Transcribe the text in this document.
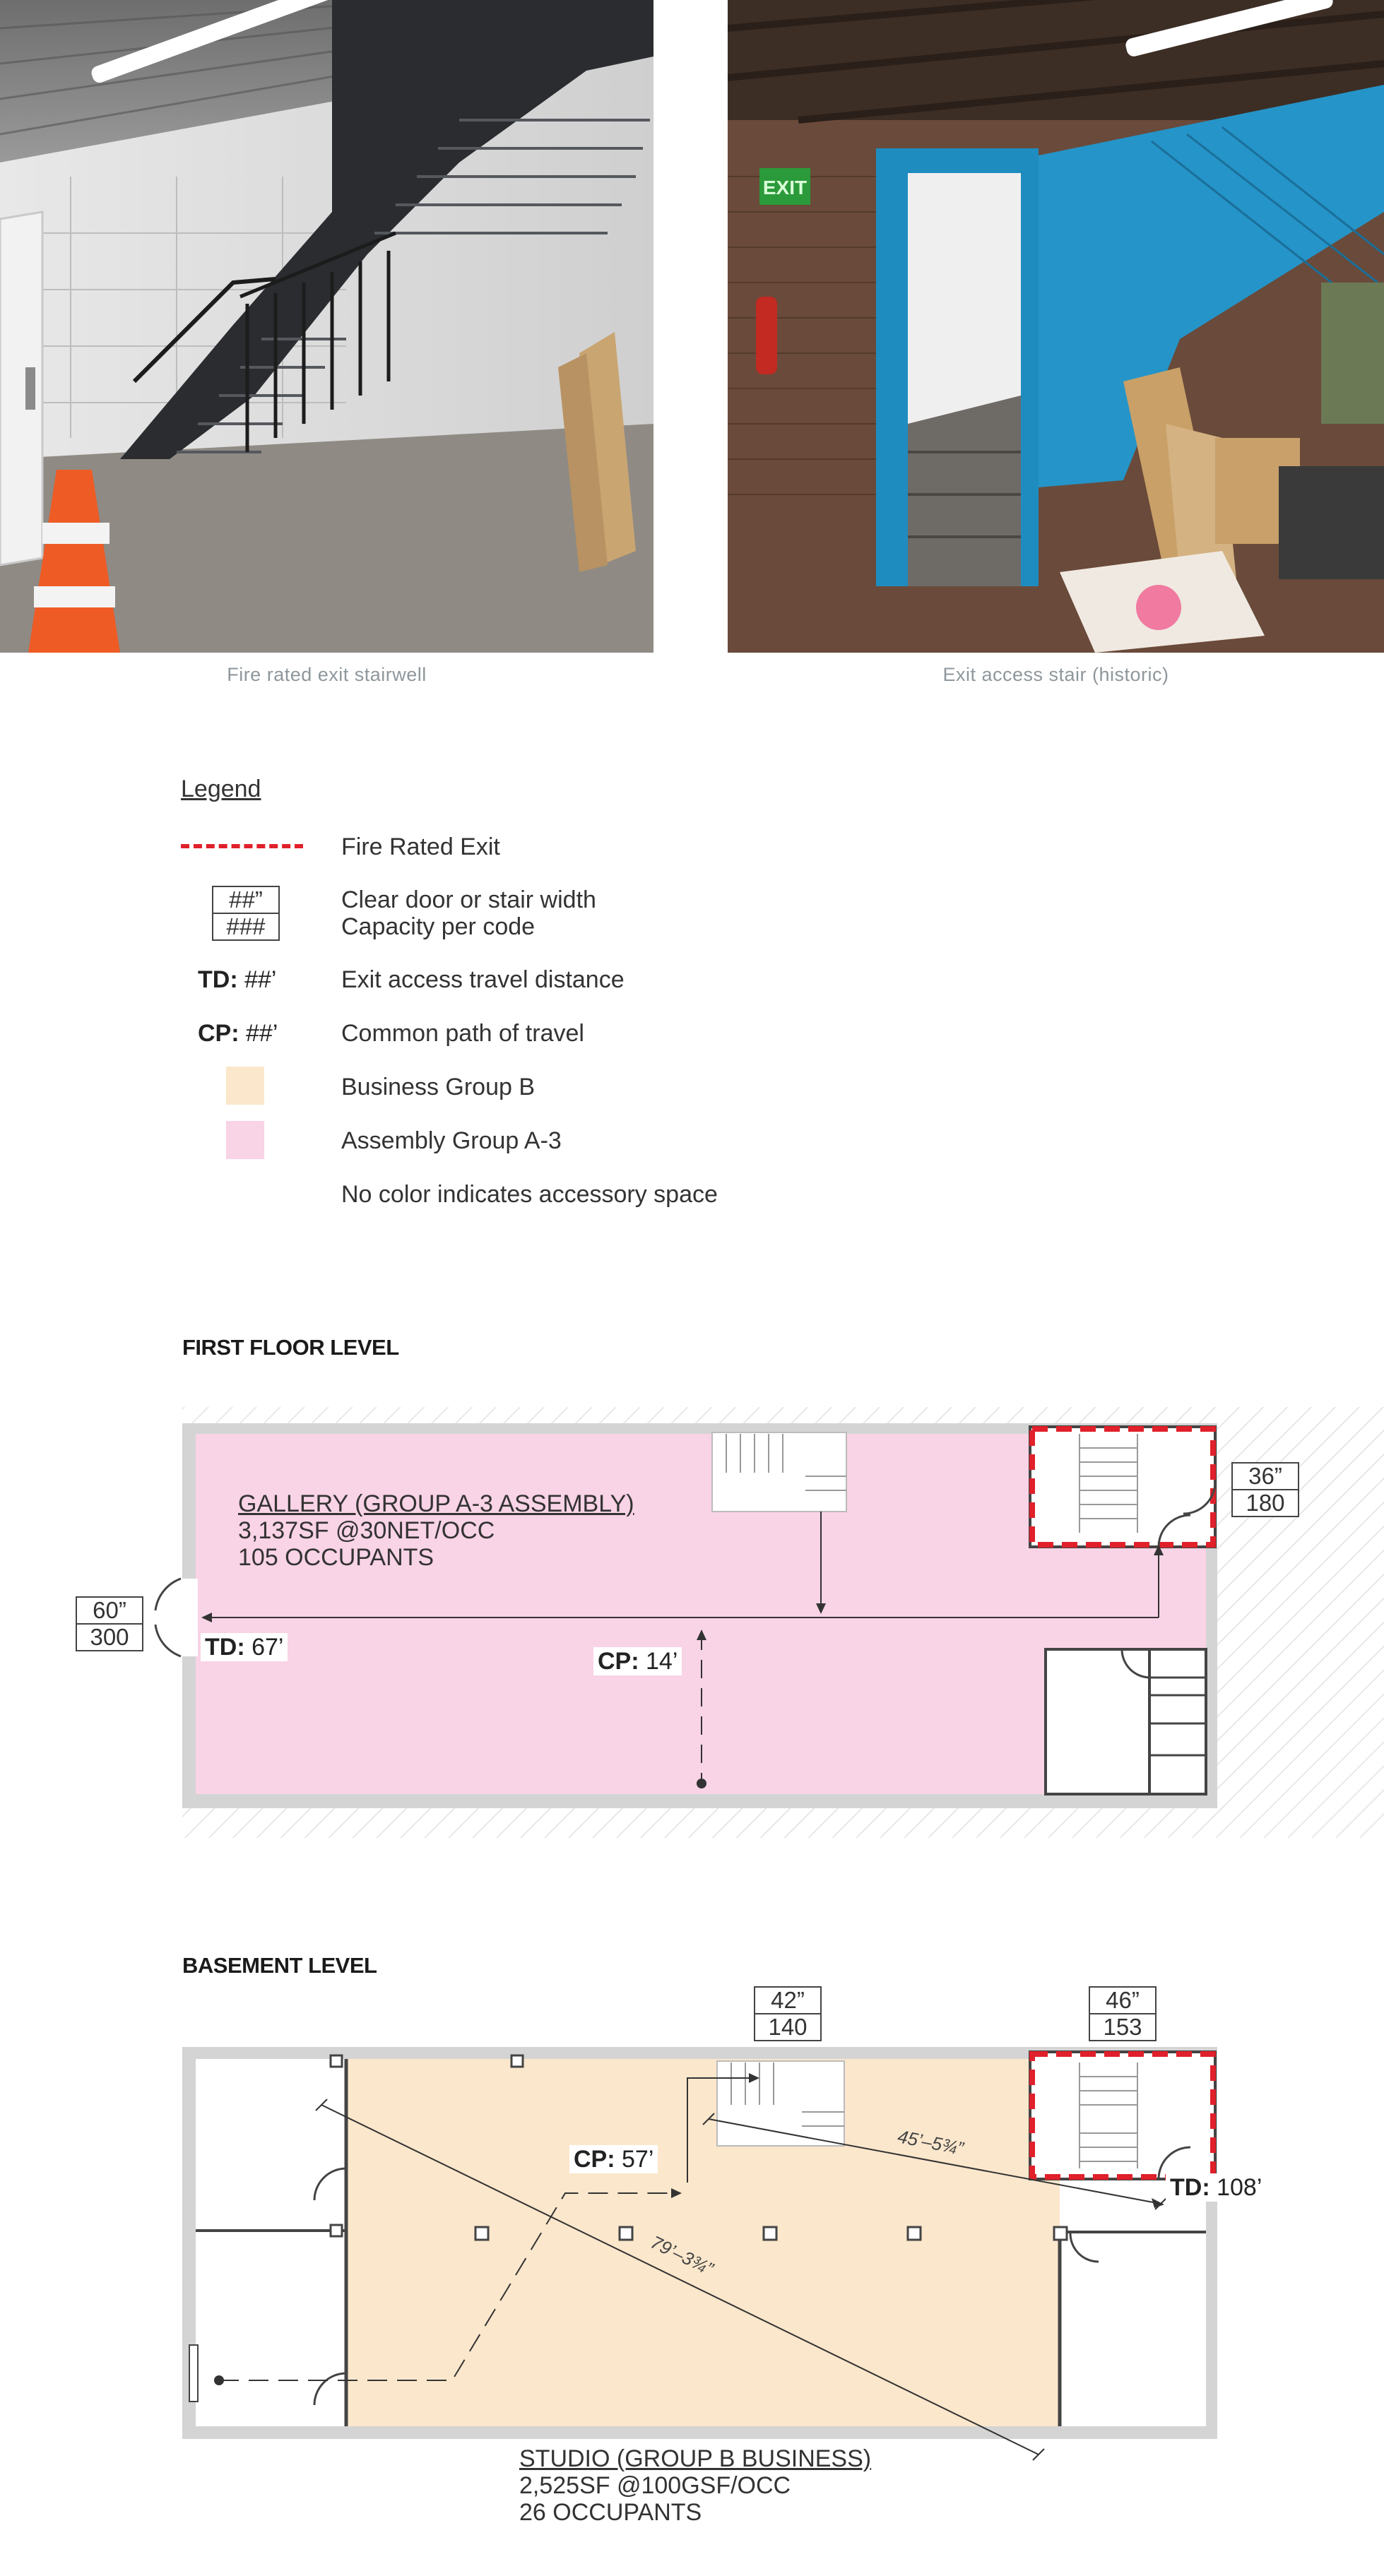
Fire rated exit stairwell
EXIT
Exit access stair (historic)
Legend
Fire Rated Exit
##”
###
Clear door or stair width
Capacity per code
TD: ##’	Exit access travel distance
CP: ##’	Common path of travel
Business Group B
Assembly Group A-3
No color indicates accessory space
FIRST FLOOR LEVEL
GALLERY (GROUP A-3 ASSEMBLY)
3,137SF @30NET/OCC
105 OCCUPANTS
60”
300
36”
180
TD: 67’
CP: 14’
BASEMENT LEVEL
42”
140
46”
153
45’–5¾”
79’–3¾”
CP: 57’
TD: 108’
STUDIO (GROUP B BUSINESS)
2,525SF @100GSF/OCC
26 OCCUPANTS
